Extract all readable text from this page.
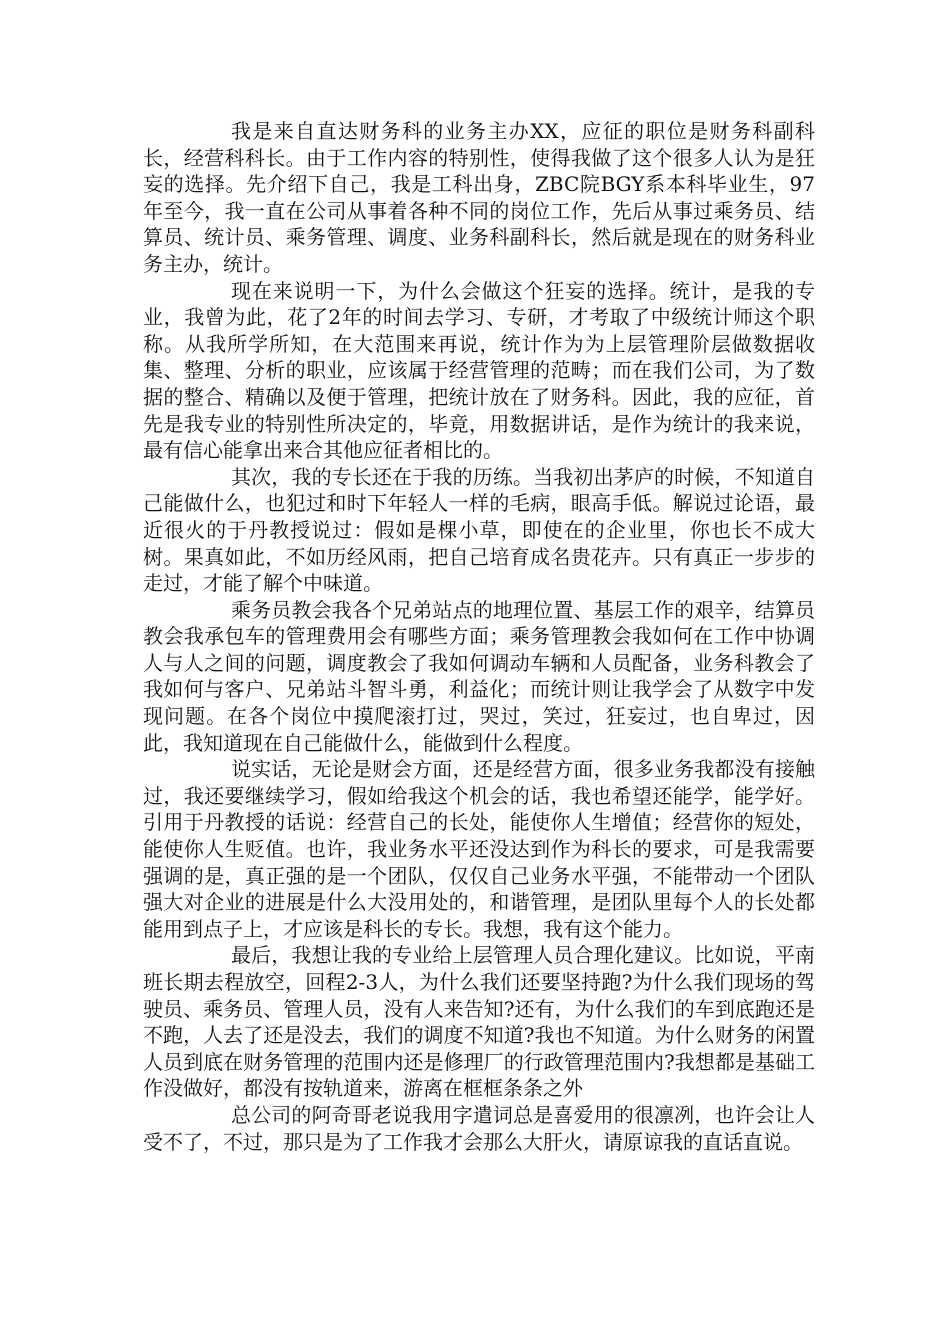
我是来自直达财务科的业务主办XX，应征的职位是财务科副科长，经营科科长。由于工作内容的特别性，使得我做了这个很多人认为是狂妄的选择。先介绍下自己，我是工科出身，ZBC院BGY系本科毕业生，97年至今，我一直在公司从事着各种不同的岗位工作，先后从事过乘务员、结算员、统计员、乘务管理、调度、业务科副科长，然后就是现在的财务科业务主办，统计。

现在来说明一下，为什么会做这个狂妄的选择。统计，是我的专业，我曾为此，花了2年的时间去学习、专研，才考取了中级统计师这个职称。从我所学所知，在大范围来再说，统计作为为上层管理阶层做数据收集、整理、分析的职业，应该属于经营管理的范畴；而在我们公司，为了数据的整合、精确以及便于管理，把统计放在了财务科。因此，我的应征，首先是我专业的特别性所决定的，毕竟，用数据讲话，是作为统计的我来说，最有信心能拿出来合其他应征者相比的。

其次，我的专长还在于我的历练。当我初出茅庐的时候，不知道自己能做什么，也犯过和时下年轻人一样的毛病，眼高手低。解说过论语，最近很火的于丹教授说过：假如是棵小草，即使在的企业里，你也长不成大树。果真如此，不如历经风雨，把自己培育成名贵花卉。只有真正一步步的走过，才能了解个中味道。

乘务员教会我各个兄弟站点的地理位置、基层工作的艰辛，结算员教会我承包车的管理费用会有哪些方面；乘务管理教会我如何在工作中协调人与人之间的问题，调度教会了我如何调动车辆和人员配备，业务科教会了我如何与客户、兄弟站斗智斗勇，利益化；而统计则让我学会了从数字中发现问题。在各个岗位中摸爬滚打过，哭过，笑过，狂妄过，也自卑过，因此，我知道现在自己能做什么，能做到什么程度。

说实话，无论是财会方面，还是经营方面，很多业务我都没有接触过，我还要继续学习，假如给我这个机会的话，我也希望还能学，能学好。引用于丹教授的话说：经营自己的长处，能使你人生增值；经营你的短处，能使你人生贬值。也许，我业务水平还没达到作为科长的要求，可是我需要强调的是，真正强的是一个团队，仅仅自己业务水平强，不能带动一个团队强大对企业的进展是什么大没用处的，和谐管理，是团队里每个人的长处都能用到点子上，才应该是科长的专长。我想，我有这个能力。

最后，我想让我的专业给上层管理人员合理化建议。比如说，平南班长期去程放空，回程2-3人，为什么我们还要坚持跑?为什么我们现场的驾驶员、乘务员、管理人员，没有人来告知?还有，为什么我们的车到底跑还是不跑，人去了还是没去，我们的调度不知道?我也不知道。为什么财务的闲置人员到底在财务管理的范围内还是修理厂的行政管理范围内?我想都是基础工作没做好，都没有按轨道来，游离在框框条条之外

总公司的阿奇哥老说我用字遣词总是喜爱用的很凛冽，也许会让人受不了，不过，那只是为了工作我才会那么大肝火，请原谅我的直话直说。
